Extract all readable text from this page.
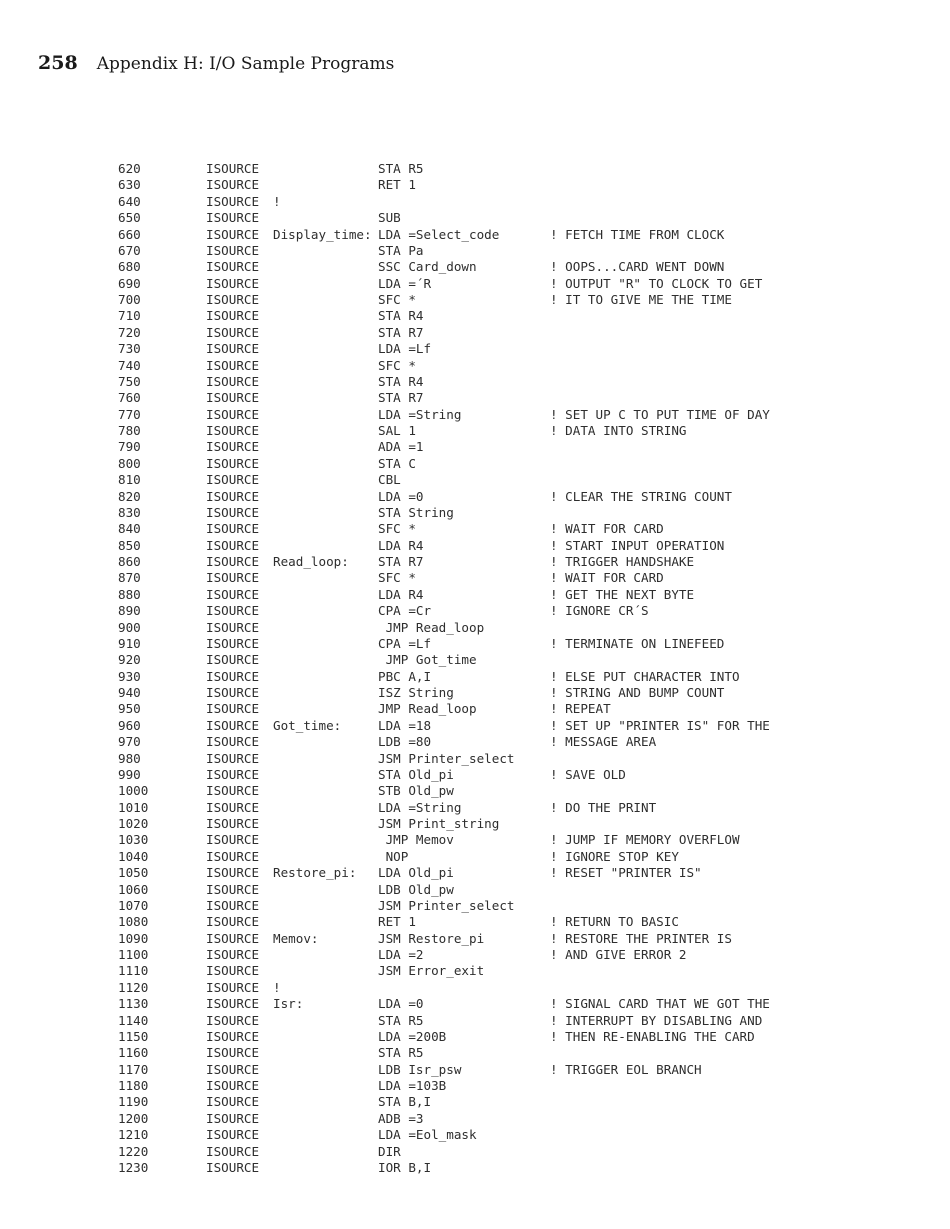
258 Appendix H: I/O Sample Programs
620	ISOURCE	STA R5
630	ISOURCE	RET 1
640	ISOURCE !
650	ISOURCE	SUB
660	ISOURCE Display_time: LDA =Select_code	! FETCH TIME FROM CLOCK
670	ISOURCE	STA Pa
680	ISOURCE	SSC Card_down	! OOPS...CARD WENT DOWN
690	ISOURCE	LDA =´R	! OUTPUT "R" TO CLOCK TO GET
700	ISOURCE	SFC *	! IT TO GIVE ME THE TIME
710	ISOURCE	STA R4
720	ISOURCE	STA R7
730	ISOURCE	LDA =Lf
740	ISOURCE	SFC *
750	ISOURCE	STA R4
760	ISOURCE	STA R7
770	ISOURCE	LDA =String	! SET UP C TO PUT TIME OF DAY
780	ISOURCE	SAL 1	! DATA INTO STRING
790	ISOURCE	ADA =1
800	ISOURCE	STA C
810	ISOURCE	CBL
820	ISOURCE	LDA =0	! CLEAR THE STRING COUNT
830	ISOURCE	STA String
840	ISOURCE	SFC *	! WAIT FOR CARD
850	ISOURCE	LDA R4	! START INPUT OPERATION
860	ISOURCE Read_loop: STA R7	! TRIGGER HANDSHAKE
870	ISOURCE	SFC *	! WAIT FOR CARD
880	ISOURCE	LDA R4	! GET THE NEXT BYTE
890	ISOURCE	CPA =Cr	! IGNORE CR´S
900	ISOURCE	JMP Read_loop
910	ISOURCE	CPA =Lf	! TERMINATE ON LINEFEED
920	ISOURCE	JMP Got_time
930	ISOURCE	PBC A,I	! ELSE PUT CHARACTER INTO
940	ISOURCE	ISZ String	! STRING AND BUMP COUNT
950	ISOURCE	JMP Read_loop	! REPEAT
960	ISOURCE Got_time:	LDA =18	! SET UP "PRINTER IS" FOR THE
970	ISOURCE	LDB =80	! MESSAGE AREA
980	ISOURCE	JSM Printer_select
990	ISOURCE	STA Old_pi	! SAVE OLD
1000	ISOURCE	STB Old_pw
1010	ISOURCE	LDA =String	! DO THE PRINT
1020	ISOURCE	JSM Print_string
1030	ISOURCE	JMP Memov	! JUMP IF MEMORY OVERFLOW
1040	ISOURCE	NOP	! IGNORE STOP KEY
1050	ISOURCE Restore_pi: LDA Old_pi	! RESET "PRINTER IS"
1060	ISOURCE	LDB Old_pw
1070	ISOURCE	JSM Printer_select
1080	ISOURCE	RET 1	! RETURN TO BASIC
1090	ISOURCE Memov:	JSM Restore_pi	! RESTORE THE PRINTER IS
1100	ISOURCE	LDA =2	! AND GIVE ERROR 2
1110	ISOURCE	JSM Error_exit
1120	ISOURCE !
1130	ISOURCE Isr:	LDA =0	! SIGNAL CARD THAT WE GOT THE
1140	ISOURCE	STA R5	! INTERRUPT BY DISABLING AND
1150	ISOURCE	LDA =200B	! THEN RE-ENABLING THE CARD
1160	ISOURCE	STA R5
1170	ISOURCE	LDB Isr_psw	! TRIGGER EOL BRANCH
1180	ISOURCE	LDA =103B
1190	ISOURCE	STA B,I
1200	ISOURCE	ADB =3
1210	ISOURCE	LDA =Eol_mask
1220	ISOURCE	DIR
1230	ISOURCE	IOR B,I
